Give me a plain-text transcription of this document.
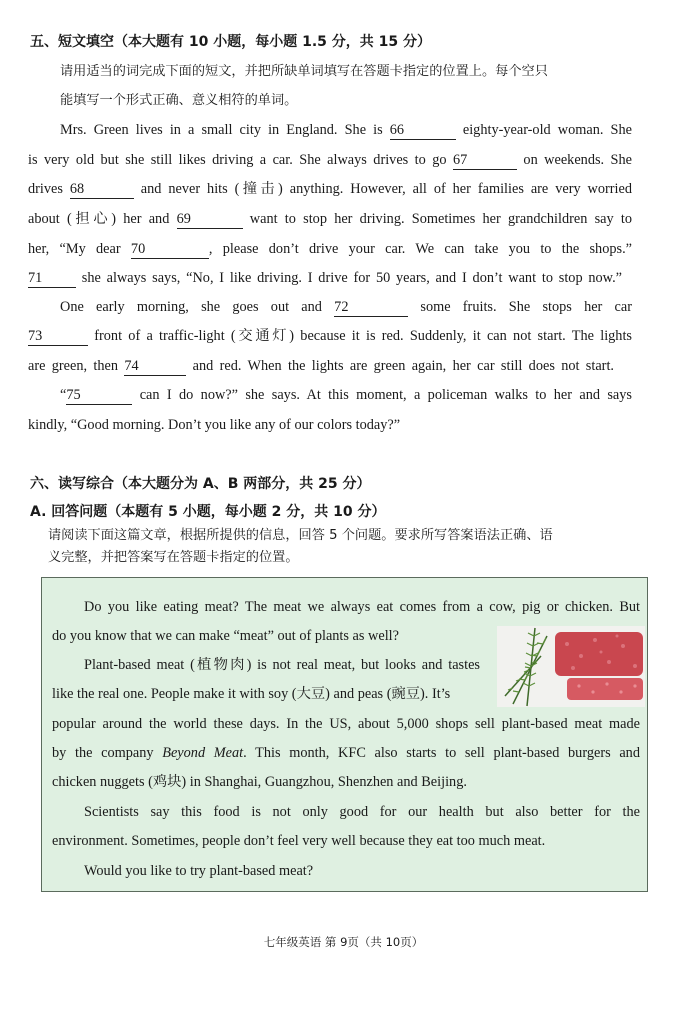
五、短文填空（本大题有 10 小题，每小题 1.5 分，共 15 分）
请用适当的词完成下面的短文，并把所缺单词填写在答题卡指定的位置上。每个空只
能填写一个形式正确、意义相符的单词。
Mrs. Green lives in a small city in England. She is 66	eighty-year-old woman. She
is very old but she still likes driving a car. She always drives to go 67	on weekends. She
drives 68	and never hits (撞击) anything. However, all of her families are very worried
about (担心) her and 69	want to stop her driving. Sometimes her grandchildren say to
her, “My dear 70	, please don’t drive your car. We can take you to the shops.”
71 she always says, “No, I like driving. I drive for 50 years, and I don’t want to stop now.”
One early morning, she goes out and 72	some fruits. She stops her car
73	front of a traffic-light (交通灯) because it is red. Suddenly, it can not start. The lights
are green, then 74	and red. When the lights are green again, her car still does not start.
“75	can I do now?” she says. At this moment, a policeman walks to her and says
kindly, “Good morning. Don’t you like any of our colors today?”
六、读写综合（本大题分为 A、B 两部分，共 25 分）
A. 回答问题（本题有 5 小题，每小题 2 分，共 10 分）
请阅读下面这篇文章，根据所提供的信息，回答 5 个问题。要求所写答案语法正确、语
义完整，并把答案写在答题卡指定的位置。
Do you like eating meat? The meat we always eat comes from a cow, pig or chicken. But
do you know that we can make “meat” out of plants as well?
Plant-based meat (植物肉) is not real meat, but looks and tastes
like the real one. People make it with soy (大豆) and peas (豌豆). It’s
popular around the world these days. In the US, about 5,000 shops sell plant-based meat made
by the company Beyond Meat. This month, KFC also starts to sell plant-based burgers and
chicken nuggets (鸡块) in Shanghai, Guangzhou, Shenzhen and Beijing.
Scientists say this food is not only good for our health but also better for the
environment. Sometimes, people don’t feel very well because they eat too much meat.
Would you like to try plant-based meat?
七年级英语 第 9页（共 10页）
